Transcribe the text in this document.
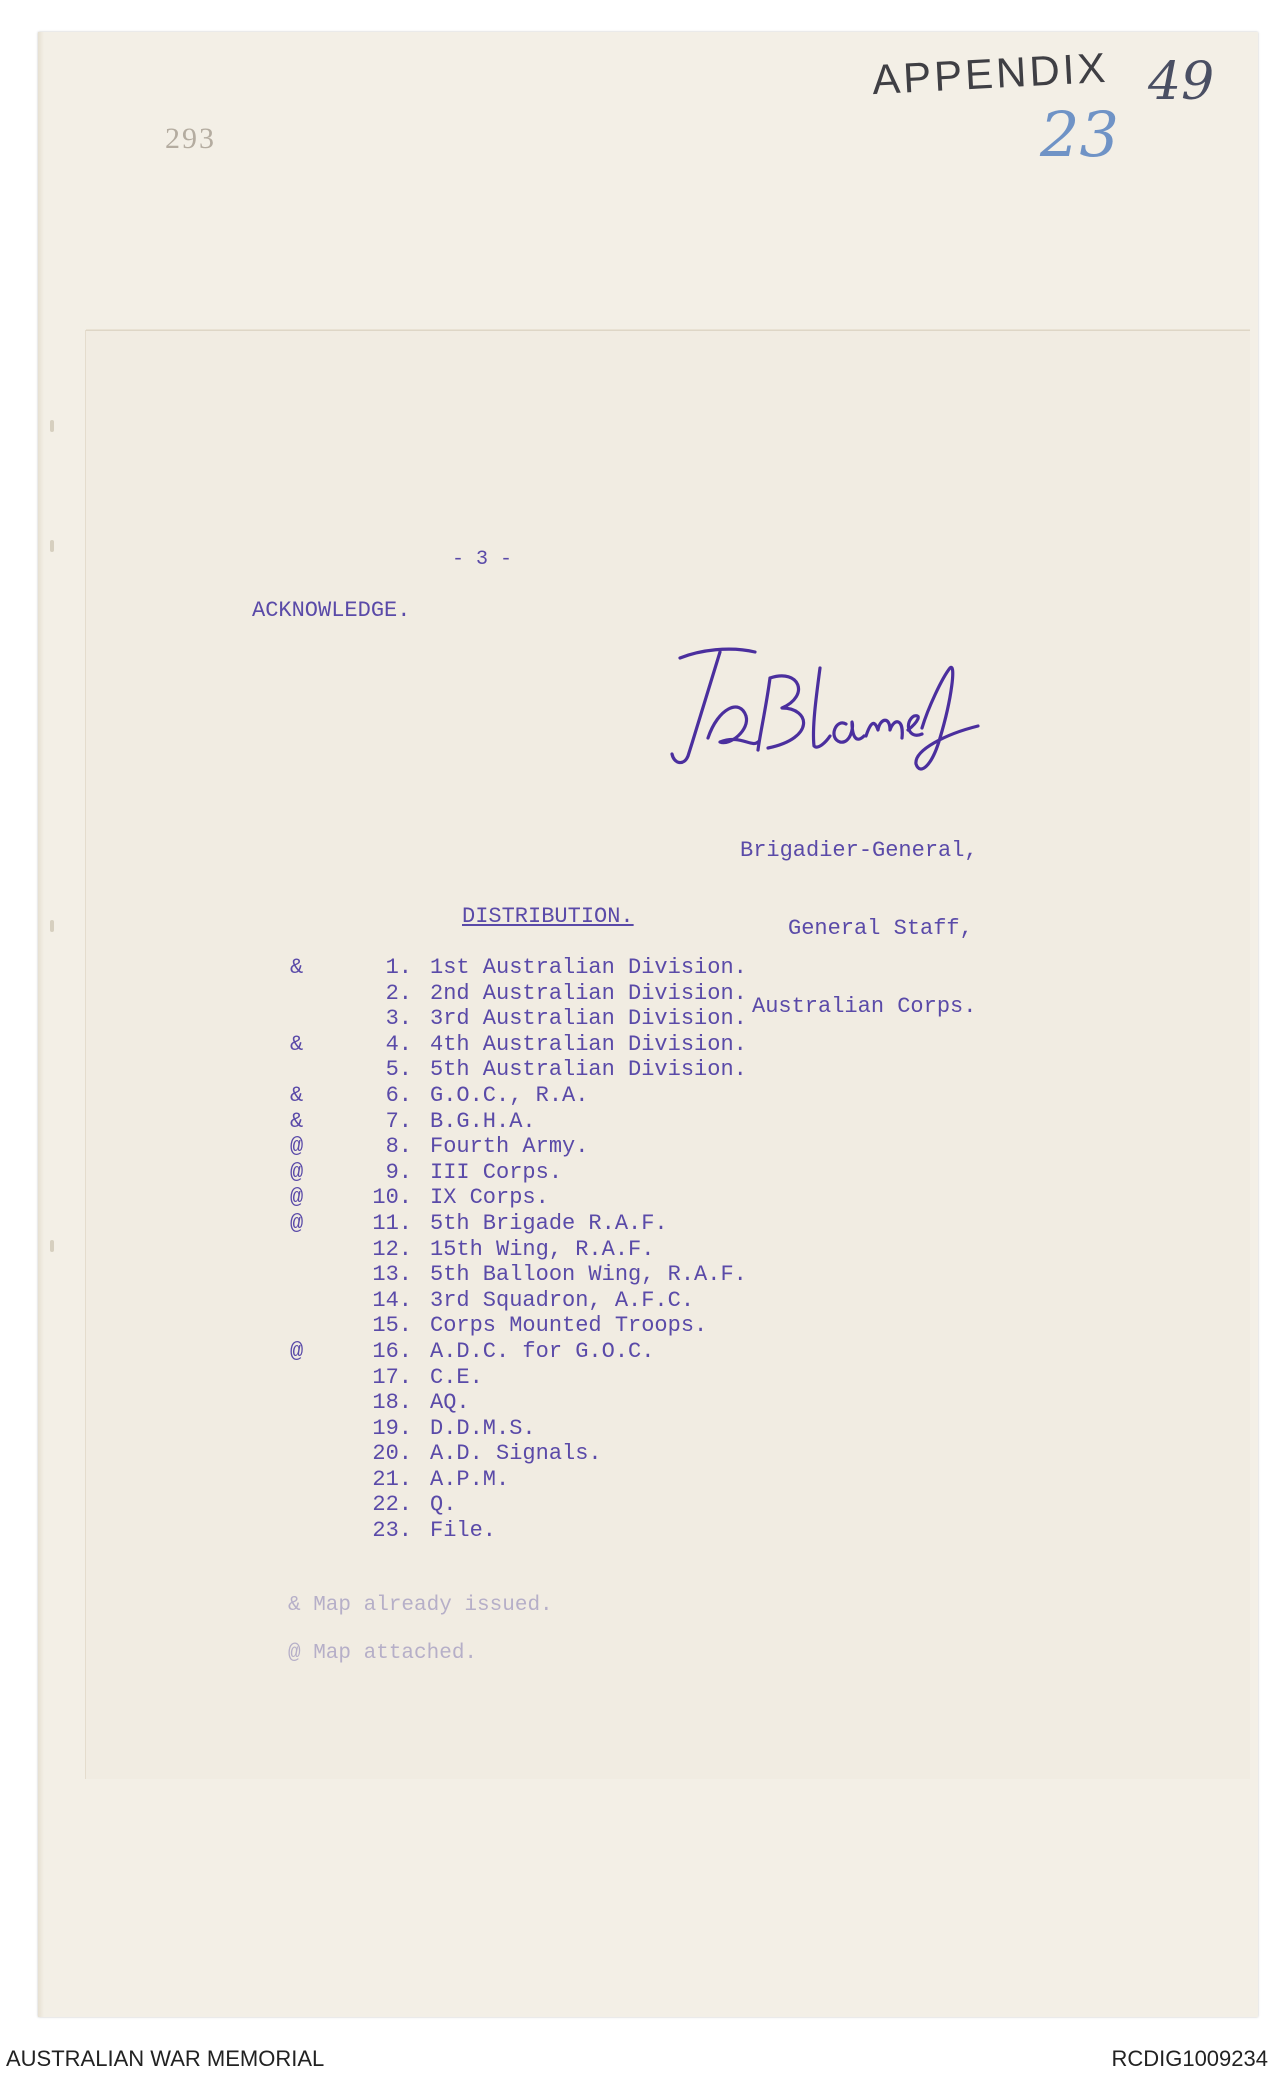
293
APPENDIX 49
23
- 3 -
ACKNOWLEDGE.

Brigadier-General,

General Staff,

Australian Corps.

DISTRIBUTION.
&	1. 1st Australian Division.
2. 2nd Australian Division.
3. 3rd Australian Division.
&	4. 4th Australian Division.
5. 5th Australian Division.
&	6. G.O.C., R.A.
&	7. B.G.H.A.
@	8. Fourth Army.
@	9. III Corps.
@	10. IX Corps.
@	11. 5th Brigade R.A.F.
12. 15th Wing, R.A.F.
13. 5th Balloon Wing, R.A.F.
14. 3rd Squadron, A.F.C.
15. Corps Mounted Troops.
@	16. A.D.C. for G.O.C.
17. C.E.
18. AQ.
19. D.D.M.S.
20. A.D. Signals.
21. A.P.M.
22. Q.
23. File.
& Map already issued.
@ Map attached.
AUSTRALIAN WAR MEMORIAL	RCDIG1009234
